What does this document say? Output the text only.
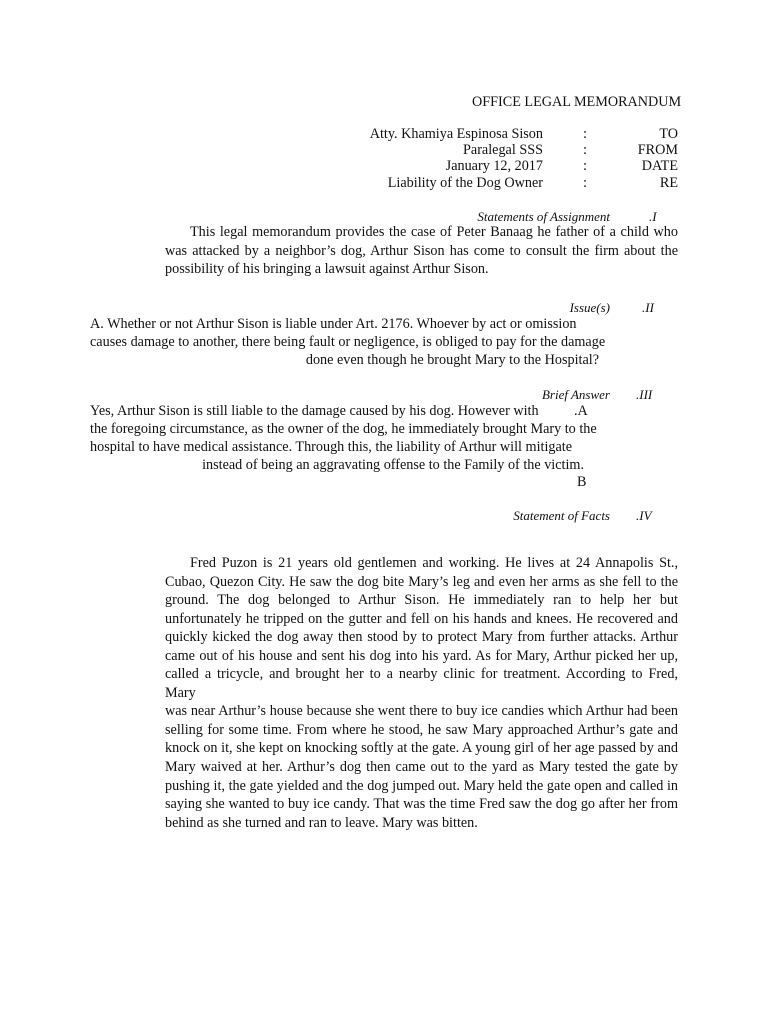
OFFICE LEGAL MEMORANDUM
Atty. Khamiya Espinosa Sison	:	TO
Paralegal SSS	:	FROM
January 12, 2017	:	DATE
Liability of the Dog Owner	:	RE
Statements of Assignment	.I
This legal memorandum provides the case of Peter Banaag he father of a child who
was attacked by a neighbor’s dog, Arthur Sison has come to consult the firm about the
possibility of his bringing a lawsuit against Arthur Sison.
Issue(s) .II
A. Whether or not Arthur Sison is liable under Art. 2176. Whoever by act or omission
causes damage to another, there being fault or negligence, is obliged to pay for the damage
done even though he brought Mary to the Hospital?
Brief Answer .III
Yes, Arthur Sison is still liable to the damage caused by his dog. However with .A
the foregoing circumstance, as the owner of the dog, he immediately brought Mary to the
hospital to have medical assistance. Through this, the liability of Arthur will mitigate
instead of being an aggravating offense to the Family of the victim.
B
Statement of Facts .IV
Fred Puzon is 21 years old gentlemen and working. He lives at 24 Annapolis St.,
Cubao, Quezon City. He saw the dog bite Mary’s leg and even her arms as she fell to the
ground. The dog belonged to Arthur Sison. He immediately ran to help her but
unfortunately he tripped on the gutter and fell on his hands and knees. He recovered and
quickly kicked the dog away then stood by to protect Mary from further attacks. Arthur
came out of his house and sent his dog into his yard. As for Mary, Arthur picked her up,
called a tricycle, and brought her to a nearby clinic for treatment. According to Fred, Mary
was near Arthur’s house because she went there to buy ice candies which Arthur had been
selling for some time. From where he stood, he saw Mary approached Arthur’s gate and
knock on it, she kept on knocking softly at the gate. A young girl of her age passed by and
Mary waived at her. Arthur’s dog then came out to the yard as Mary tested the gate by
pushing it, the gate yielded and the dog jumped out. Mary held the gate open and called in
saying she wanted to buy ice candy. That was the time Fred saw the dog go after her from
behind as she turned and ran to leave. Mary was bitten.
